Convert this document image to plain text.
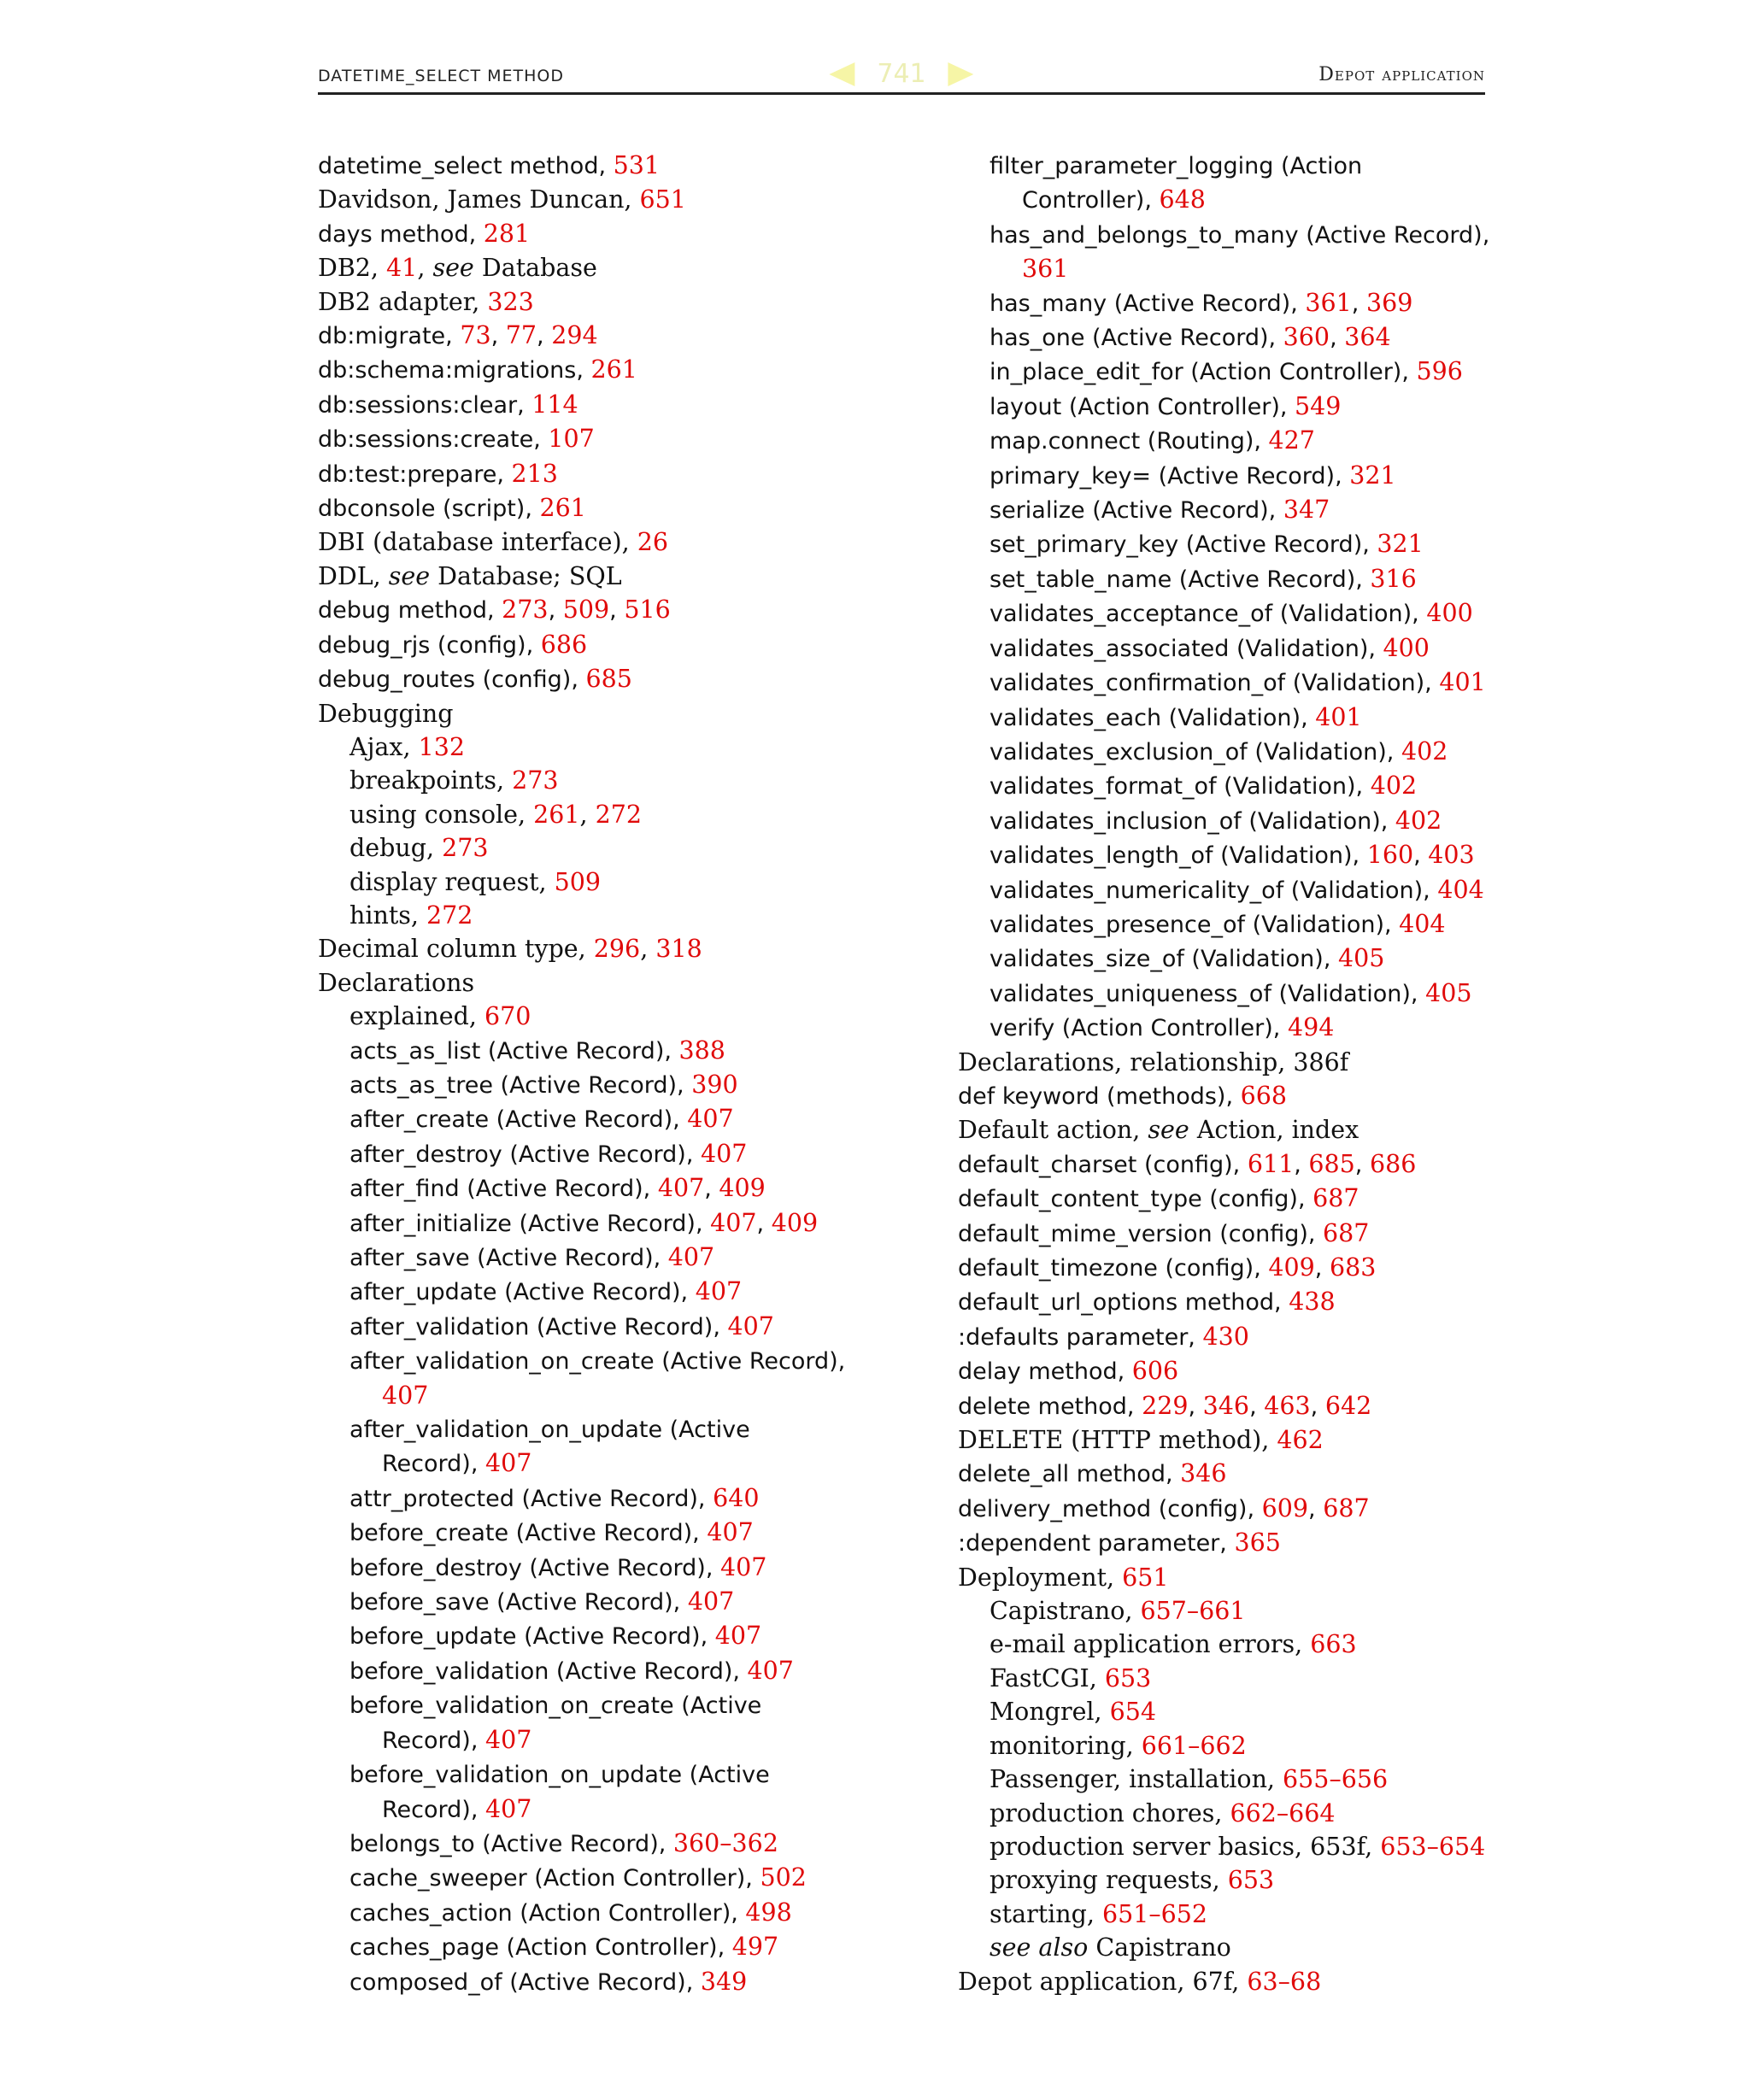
DATETIME_SELECT METHOD	741	Depot application
datetime_select method, 531
Davidson, James Duncan, 651
days method, 281
DB2, 41, see Database
DB2 adapter, 323
db:migrate, 73, 77, 294
db:schema:migrations, 261
db:sessions:clear, 114
db:sessions:create, 107
db:test:prepare, 213
dbconsole (script), 261
DBI (database interface), 26
DDL, see Database; SQL
debug method, 273, 509, 516
debug_rjs (config), 686
debug_routes (config), 685
Debugging
Ajax, 132
breakpoints, 273
using console, 261, 272
debug, 273
display request, 509
hints, 272
Decimal column type, 296, 318
Declarations
explained, 670
acts_as_list (Active Record), 388
acts_as_tree (Active Record), 390
after_create (Active Record), 407
after_destroy (Active Record), 407
after_find (Active Record), 407, 409
after_initialize (Active Record), 407, 409
after_save (Active Record), 407
after_update (Active Record), 407
after_validation (Active Record), 407
after_validation_on_create (Active Record),
407
after_validation_on_update (Active
Record), 407
attr_protected (Active Record), 640
before_create (Active Record), 407
before_destroy (Active Record), 407
before_save (Active Record), 407
before_update (Active Record), 407
before_validation (Active Record), 407
before_validation_on_create (Active
Record), 407
before_validation_on_update (Active
Record), 407
belongs_to (Active Record), 360–362
cache_sweeper (Action Controller), 502
caches_action (Action Controller), 498
caches_page (Action Controller), 497
composed_of (Active Record), 349
filter_parameter_logging (Action
Controller), 648
has_and_belongs_to_many (Active Record),
361
has_many (Active Record), 361, 369
has_one (Active Record), 360, 364
in_place_edit_for (Action Controller), 596
layout (Action Controller), 549
map.connect (Routing), 427
primary_key= (Active Record), 321
serialize (Active Record), 347
set_primary_key (Active Record), 321
set_table_name (Active Record), 316
validates_acceptance_of (Validation), 400
validates_associated (Validation), 400
validates_confirmation_of (Validation), 401
validates_each (Validation), 401
validates_exclusion_of (Validation), 402
validates_format_of (Validation), 402
validates_inclusion_of (Validation), 402
validates_length_of (Validation), 160, 403
validates_numericality_of (Validation), 404
validates_presence_of (Validation), 404
validates_size_of (Validation), 405
validates_uniqueness_of (Validation), 405
verify (Action Controller), 494
Declarations, relationship, 386f
def keyword (methods), 668
Default action, see Action, index
default_charset (config), 611, 685, 686
default_content_type (config), 687
default_mime_version (config), 687
default_timezone (config), 409, 683
default_url_options method, 438
:defaults parameter, 430
delay method, 606
delete method, 229, 346, 463, 642
DELETE (HTTP method), 462
delete_all method, 346
delivery_method (config), 609, 687
:dependent parameter, 365
Deployment, 651
Capistrano, 657–661
e-mail application errors, 663
FastCGI, 653
Mongrel, 654
monitoring, 661–662
Passenger, installation, 655–656
production chores, 662–664
production server basics, 653f, 653–654
proxying requests, 653
starting, 651–652
see also Capistrano
Depot application, 67f, 63–68
